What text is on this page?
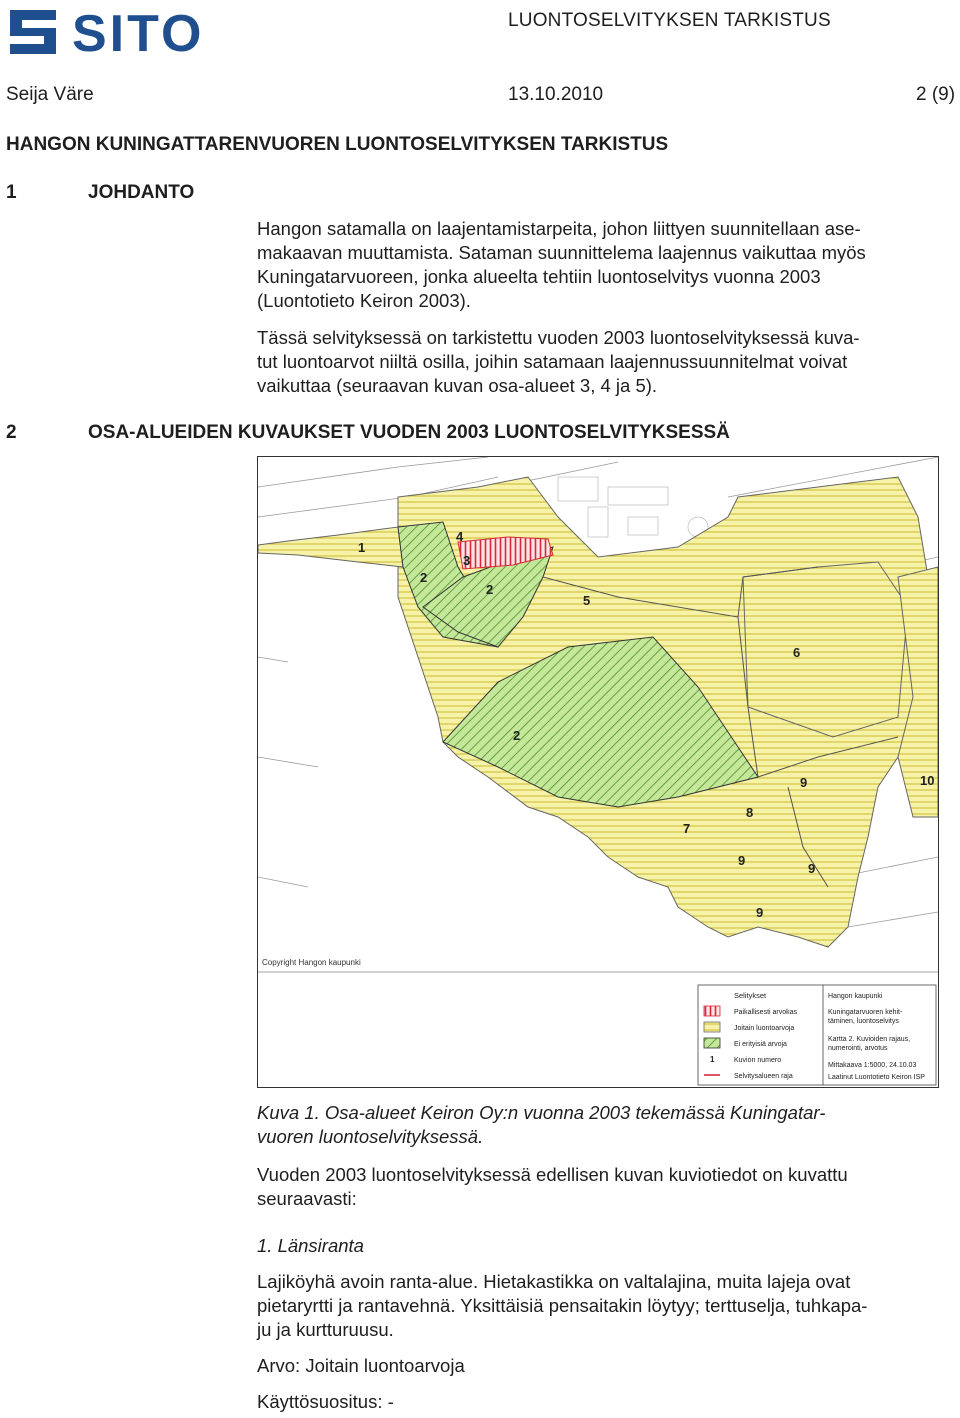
SITO	LUONTOSELVITYKSEN TARKISTUS
Seija Väre	13.10.2010	2 (9)
HANGON KUNINGATTARENVUOREN LUONTOSELVITYKSEN TARKISTUS
1	JOHDANTO
Hangon satamalla on laajentamistarpeita, johon liittyen suunnitellaan ase-
makaavan muuttamista. Sataman suunnittelema laajennus vaikuttaa myös
Kuningatarvuoreen, jonka alueelta tehtiin luontoselvitys vuonna 2003
(Luontotieto Keiron 2003).
Tässä selvityksessä on tarkistettu vuoden 2003 luontoselvityksessä kuva-
tut luontoarvot niiltä osilla, joihin satamaan laajennussuunnitelmat voivat
vaikuttaa (seuraavan kuvan osa-alueet 3, 4 ja 5).
2	OSA-ALUEIDEN KUVAUKSET VUODEN 2003 LUONTOSELVITYKSESSÄ
1
2
2
2
3
4
5
6
7
8
9
9
9
9
10
Copyright Hangon kaupunki
Selitykset
Paikallisesti arvokas
Joitain luontoarvoja
Ei erityisiä arvoja
1	Kuvion numero
Selvitysalueen raja
Hangon kaupunki
Kuningatarvuoren kehit-
täminen, luontoselvitys
Kartta 2. Kuvioiden rajaus,
numerointi, arvotus
Mittakaava 1:5000, 24.10.03
Laatinut Luontotieto Keiron ISP
Kuva 1. Osa-alueet Keiron Oy:n vuonna 2003 tekemässä Kuningatar-
vuoren luontoselvityksessä.
Vuoden 2003 luontoselvityksessä edellisen kuvan kuviotiedot on kuvattu
seuraavasti:
1. Länsiranta
Lajiköyhä avoin ranta-alue. Hietakastikka on valtalajina, muita lajeja ovat
pietaryrtti ja rantavehnä. Yksittäisiä pensaitakin löytyy; terttuselja, tuhkapa-
ju ja kurtturuusu.
Arvo: Joitain luontoarvoja
Käyttösuositus: -
